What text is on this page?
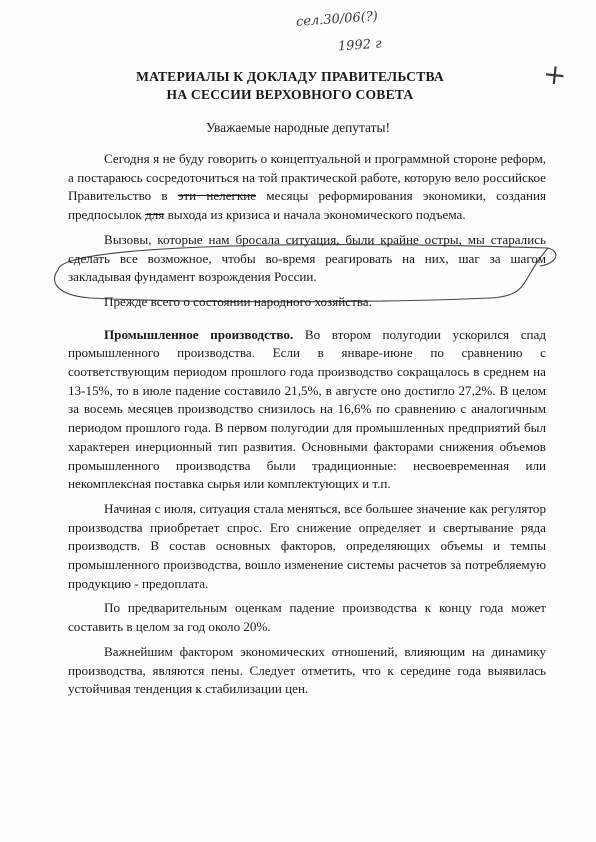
сел.30/06(?)
1992 г
+
МАТЕРИАЛЫ К ДОКЛАДУ ПРАВИТЕЛЬСТВА
НА СЕССИИ ВЕРХОВНОГО СОВЕТА
Уважаемые народные депутаты!

Сегодня я не буду говорить о концептуальной и программной стороне реформ, а постараюсь сосредоточиться на той практической работе, которую вело российское Правительство в эти нелегкие месяцы реформирования экономики, создания предпосылок для выхода из кризиса и начала экономического подъема.

Вызовы, которые нам бросала ситуация, были крайне остры, мы старались сделать все возможное, чтобы во-время реагировать на них, шаг за шагом закладывая фундамент возрождения России.

Прежде всего о состоянии народного хозяйства.

Промышленное производство. Во втором полугодии ускорился спад промышленного производства. Если в январе-июне по сравнению с соответствующим периодом прошлого года производство сокращалось в среднем на 13-15%, то в июле падение составило 21,5%, в августе оно достигло 27,2%. В целом за восемь месяцев производство снизилось на 16,6% по сравнению с аналогичным периодом прошлого года. В первом полугодии для промышленных предприятий был характерен инерционный тип развития. Основными факторами снижения объемов промышленного производства были традиционные: несвоевременная или некомплексная поставка сырья или комплектующих и т.п.

Начиная с июля, ситуация стала меняться, все большее значение как регулятор производства приобретает спрос. Его снижение определяет и свертывание ряда производств. В состав основных факторов, определяющих объемы и темпы промышленного производства, вошло изменение системы расчетов за потребляемую продукцию - предоплата.

По предварительным оценкам падение производства к концу года может составить в целом за год около 20%.

Важнейшим фактором экономических отношений, влияющим на динамику производства, являются пены. Следует отметить, что к середине года выявилась устойчивая тенденция к стабилизации цен.
